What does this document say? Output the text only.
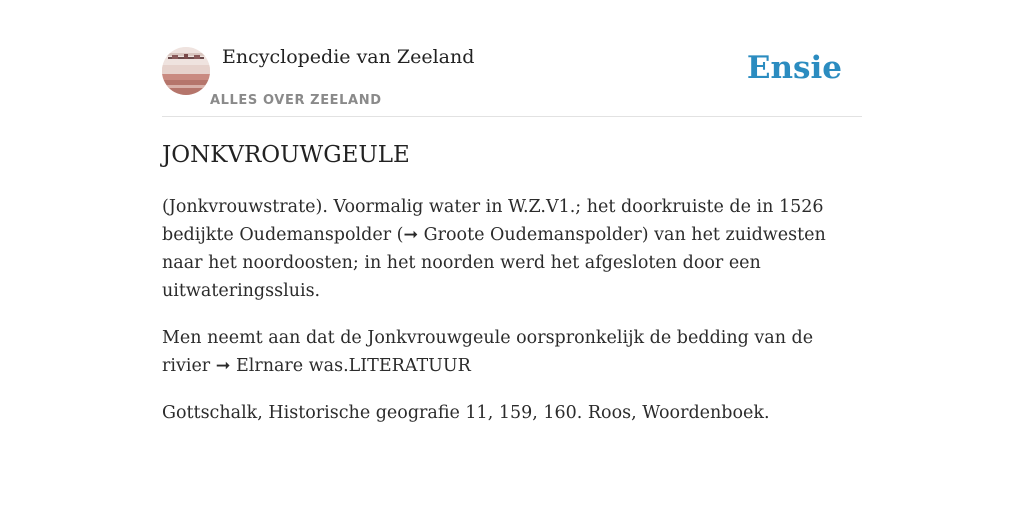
Encyclopedie van Zeeland
ALLES OVER ZEELAND
Ensie
JONKVROUWGEULE

(Jonkvrouwstrate). Voormalig water in W.Z.V1.; het doorkruiste de in 1526 bedijkte Oudemanspolder (➞ Groote Oudemanspolder) van het zuidwesten naar het noordoosten; in het noorden werd het afgesloten door een uitwateringssluis.

Men neemt aan dat de Jonkvrouwgeule oorspronkelijk de bedding van de rivier ➞ Elrnare was.LITERATUUR

Gottschalk, Historische geografie 11, 159, 160. Roos, Woordenboek.
